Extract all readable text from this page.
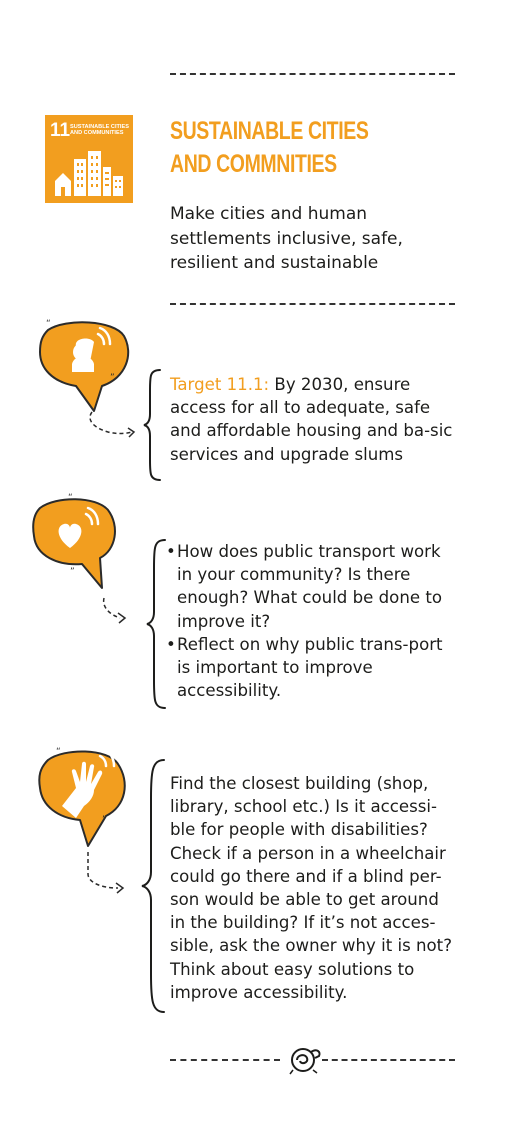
11 SUSTAINABLE CITIES AND COMMUNITIES	SUSTAINABLE CITIES
AND COMMNITIES
Make cities and human settlements inclusive, safe, resilient and sustainable
“
”	Target 11.1: By 2030, ensure access for all to adequate, safe and affordable housing and ba-sic services and upgrade slums
“
”
• How does public transport work in your community? Is there enough? What could be done to improve it?
• Reflect on why public trans-port is important to improve accessibility.
“
”
Find the closest building (shop, library, school etc.) Is it accessi-ble for people with disabilities? Check if a person in a wheelchair could go there and if a blind per-son would be able to get around in the building? If it’s not acces-sible, ask the owner why it is not? Think about easy solutions to improve accessibility.
